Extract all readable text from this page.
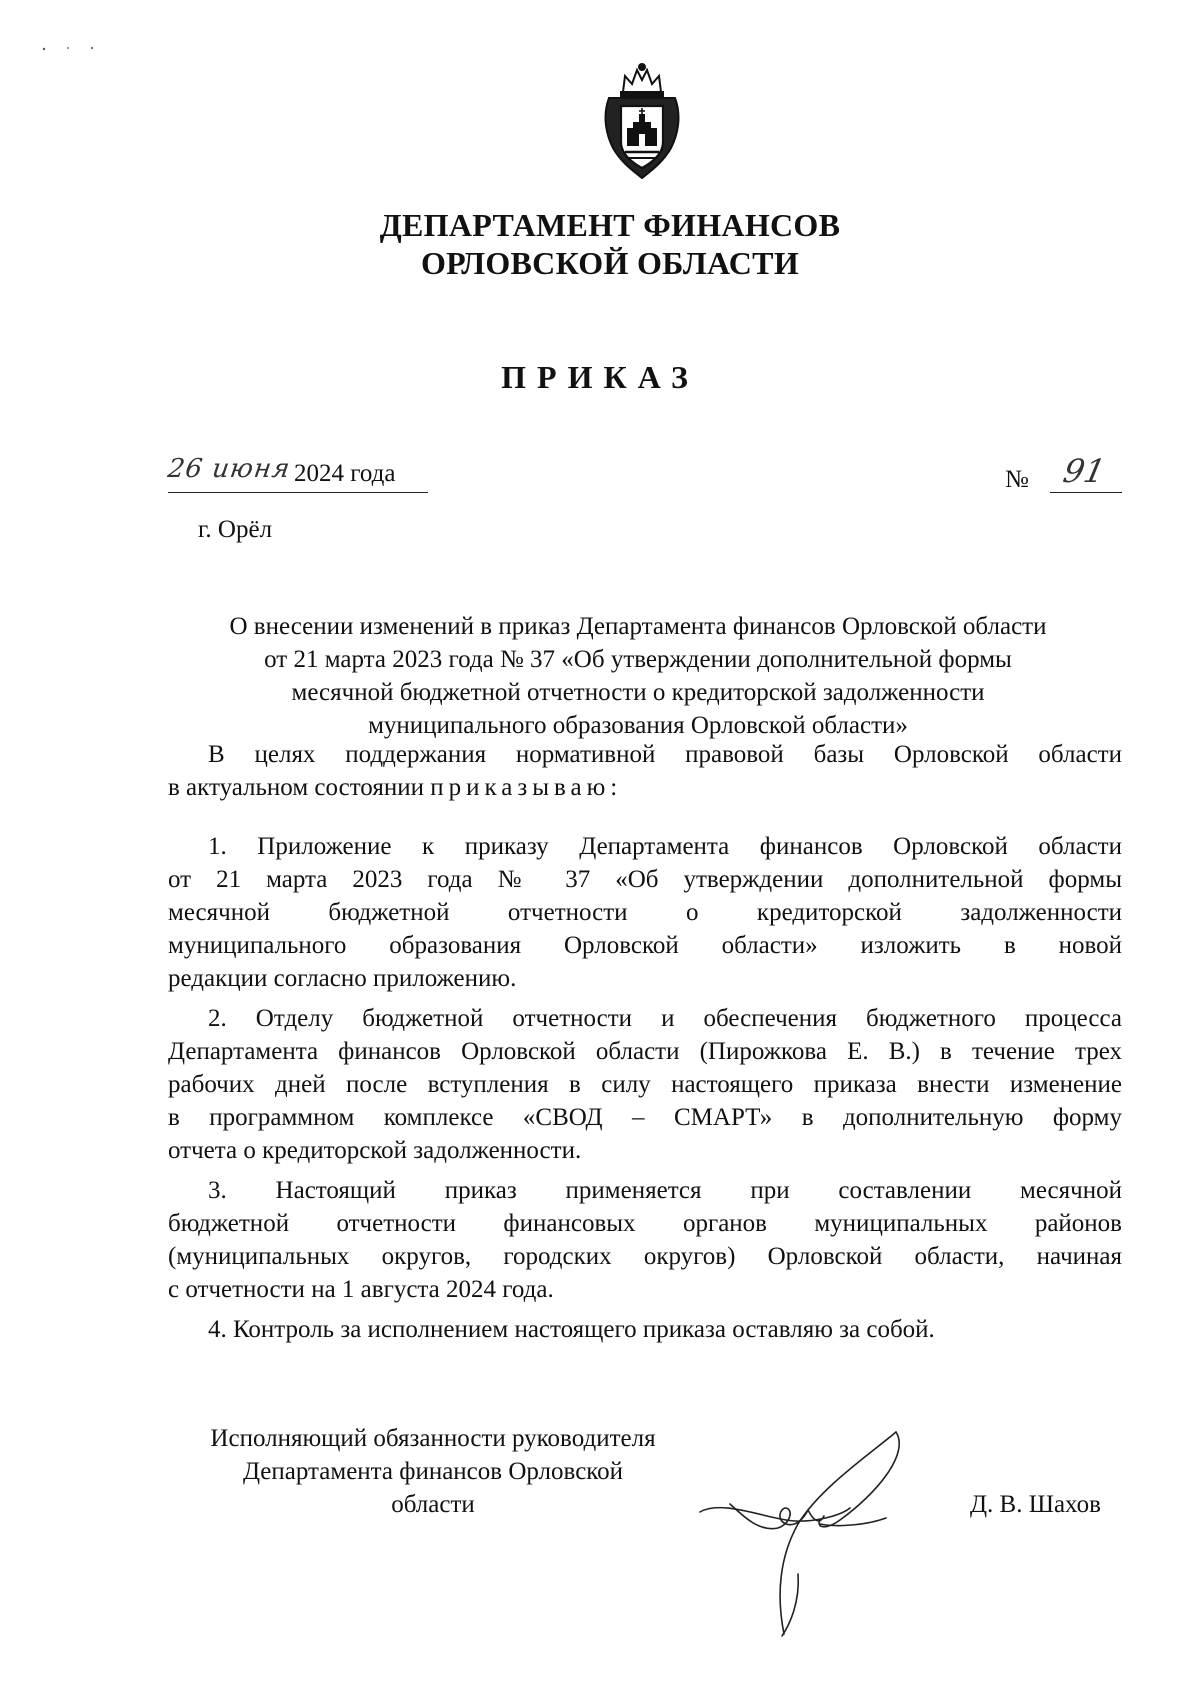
ДЕПАРТАМЕНТ ФИНАНСОВ
ОРЛОВСКОЙ ОБЛАСТИ
ПРИКАЗ
26 июня 2024 года	№ 91
г. Орёл
О внесении изменений в приказ Департамента финансов Орловской области
от 21 марта 2023 года № 37 «Об утверждении дополнительной формы
месячной бюджетной отчетности о кредиторской задолженности
муниципального образования Орловской области»
В целях поддержания нормативной правовой базы Орловской области
в актуальном состоянии приказываю:
1. Приложение к приказу Департамента финансов Орловской области
от 21 марта 2023 года № 37 «Об утверждении дополнительной формы
месячной бюджетной отчетности о кредиторской задолженности
муниципального образования Орловской области» изложить в новой
редакции согласно приложению.
2. Отделу бюджетной отчетности и обеспечения бюджетного процесса
Департамента финансов Орловской области (Пирожкова Е. В.) в течение трех
рабочих дней после вступления в силу настоящего приказа внести изменение
в программном комплексе «СВОД – СМАРТ» в дополнительную форму
отчета о кредиторской задолженности.
3. Настоящий приказ применяется при составлении месячной
бюджетной отчетности финансовых органов муниципальных районов
(муниципальных округов, городских округов) Орловской области, начиная
с отчетности на 1 августа 2024 года.
4. Контроль за исполнением настоящего приказа оставляю за собой.
Исполняющий обязанности руководителя
Департамента финансов Орловской
области	Д. В. Шахов
